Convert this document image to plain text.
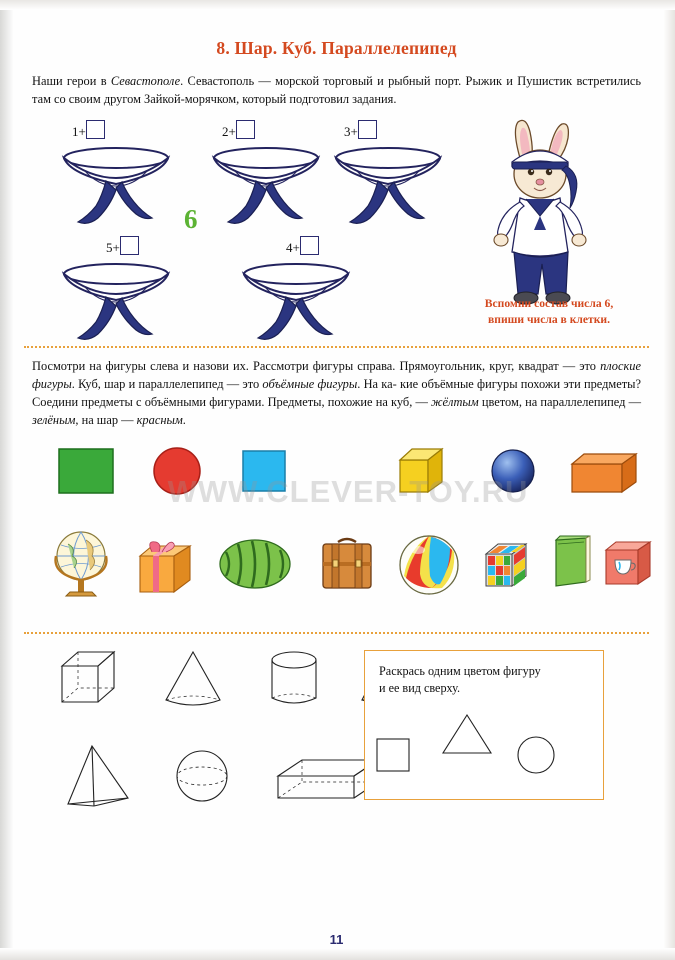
8. Шар. Куб. Параллелепипед

Наши герои в Севастополе. Севастополь — морской торговый и рыбный порт. Рыжик и Пушистик встретились там со своим другом Зайкой-морячком, который подготовил задания.

1+	2+	3+
5+	4+
6
Вспомни состав числа 6,
впиши числа в клетки.

Посмотри на фигуры слева и назови их. Рассмотри фигуры справа. Прямоугольник, круг, квадрат — это плоские фигуры. Куб, шар и параллелепипед — это объёмные фигуры. На ка- кие объёмные фигуры похожи эти предметы? Соедини предметы с объёмными фигурами. Предметы, похожие на куб, — жёлтым цветом, на параллелепипед — зелёным, на шар — красным.

Раскрась одним цветом фигуру
и ее вид сверху.
WWW.CLEVER-TOY.RU
11
